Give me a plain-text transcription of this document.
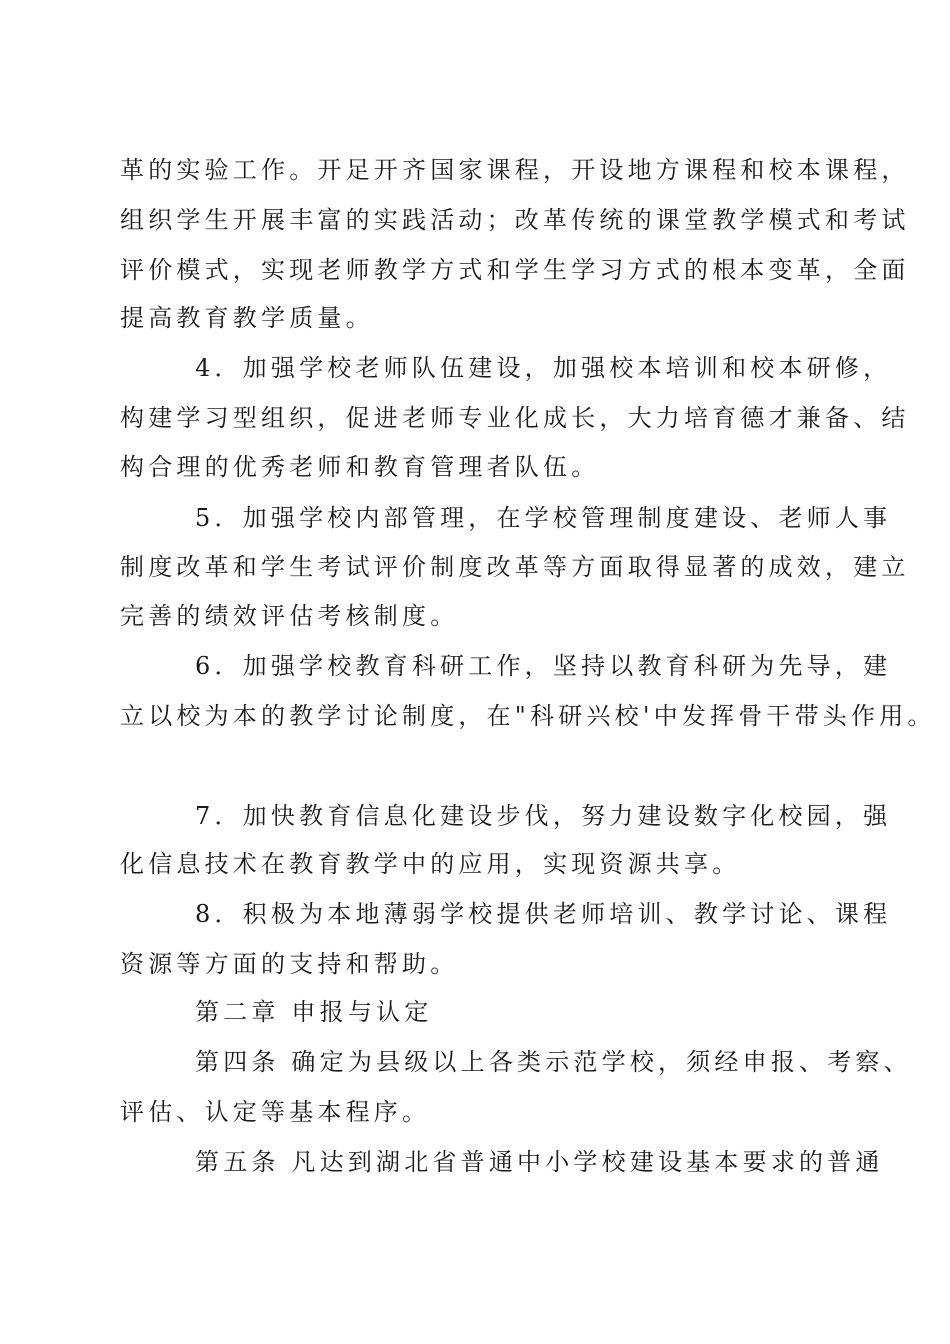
革的实验工作。开足开齐国家课程，开设地方课程和校本课程，
组织学生开展丰富的实践活动；改革传统的课堂教学模式和考试
评价模式，实现老师教学方式和学生学习方式的根本变革，全面
提高教育教学质量。
4．加强学校老师队伍建设，加强校本培训和校本研修，
构建学习型组织，促进老师专业化成长，大力培育德才兼备、结
构合理的优秀老师和教育管理者队伍。
5．加强学校内部管理，在学校管理制度建设、老师人事
制度改革和学生考试评价制度改革等方面取得显著的成效，建立
完善的绩效评估考核制度。
6．加强学校教育科研工作，坚持以教育科研为先导，建
立以校为本的教学讨论制度，在"科研兴校'中发挥骨干带头作用。
7．加快教育信息化建设步伐，努力建设数字化校园，强
化信息技术在教育教学中的应用，实现资源共享。
8．积极为本地薄弱学校提供老师培训、教学讨论、课程
资源等方面的支持和帮助。
第二章 申报与认定
第四条 确定为县级以上各类示范学校，须经申报、考察、
评估、认定等基本程序。
第五条 凡达到湖北省普通中小学校建设基本要求的普通
